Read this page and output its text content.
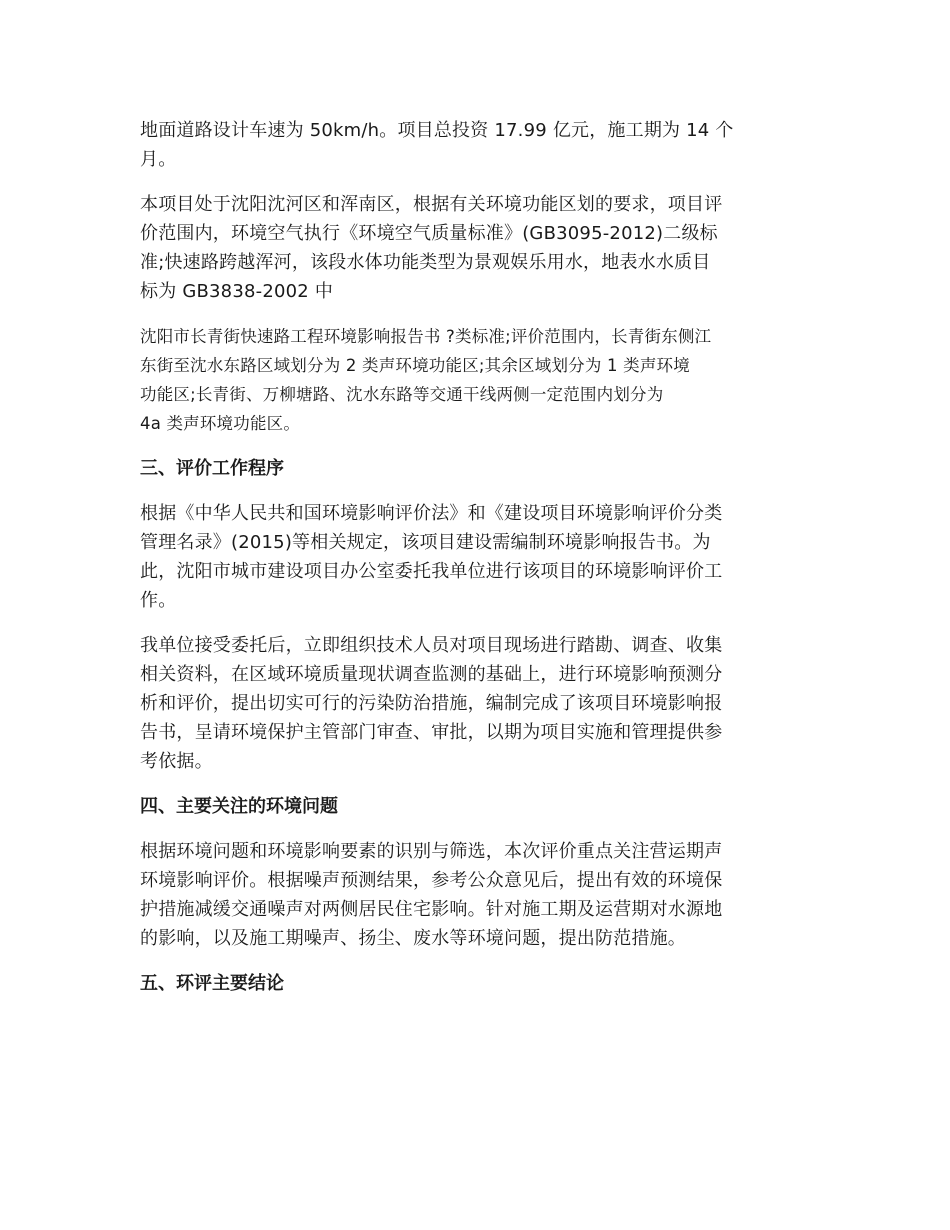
地面道路设计车速为 50km/h。项目总投资 17.99 亿元，施工期为 14 个
月。

本项目处于沈阳沈河区和浑南区，根据有关环境功能区划的要求，项目评
价范围内，环境空气执行《环境空气质量标准》(GB3095-2012)二级标
准;快速路跨越浑河，该段水体功能类型为景观娱乐用水，地表水水质目
标为 GB3838-2002 中

沈阳市长青街快速路工程环境影响报告书 ?类标准;评价范围内，长青街东侧江
东街至沈水东路区域划分为 2 类声环境功能区;其余区域划分为 1 类声环境
功能区;长青街、万柳塘路、沈水东路等交通干线两侧一定范围内划分为
4a 类声环境功能区。

三、评价工作程序

根据《中华人民共和国环境影响评价法》和《建设项目环境影响评价分类
管理名录》(2015)等相关规定，该项目建设需编制环境影响报告书。为
此，沈阳市城市建设项目办公室委托我单位进行该项目的环境影响评价工
作。

我单位接受委托后，立即组织技术人员对项目现场进行踏勘、调查、收集
相关资料，在区域环境质量现状调查监测的基础上，进行环境影响预测分
析和评价，提出切实可行的污染防治措施，编制完成了该项目环境影响报
告书，呈请环境保护主管部门审查、审批，以期为项目实施和管理提供参
考依据。

四、主要关注的环境问题

根据环境问题和环境影响要素的识别与筛选，本次评价重点关注营运期声
环境影响评价。根据噪声预测结果，参考公众意见后，提出有效的环境保
护措施减缓交通噪声对两侧居民住宅影响。针对施工期及运营期对水源地
的影响，以及施工期噪声、扬尘、废水等环境问题，提出防范措施。

五、环评主要结论
